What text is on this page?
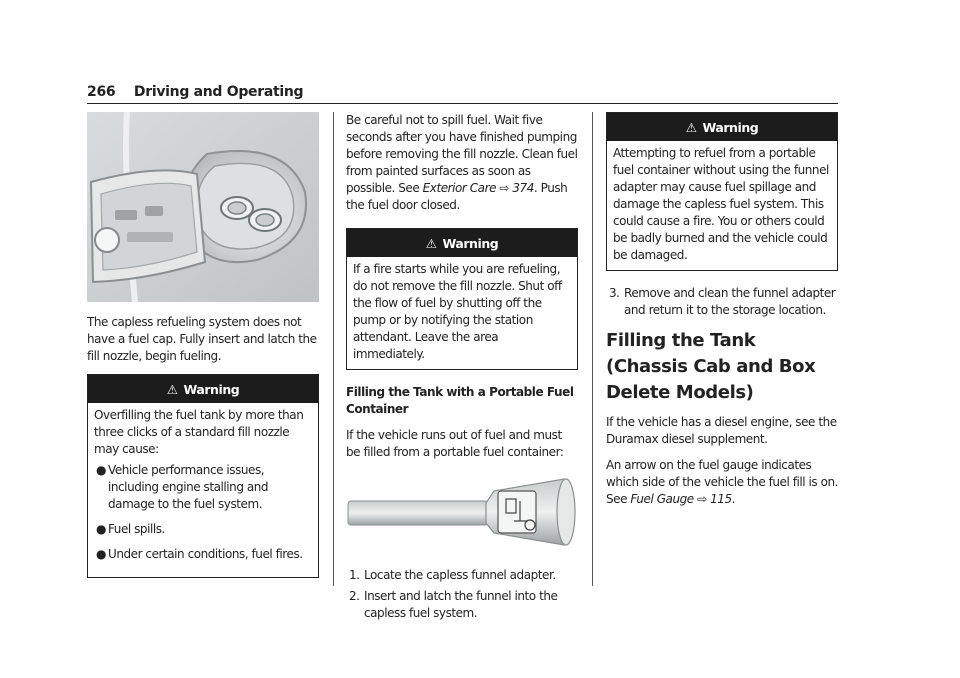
266 Driving and Operating

The capless refueling system does not have a fuel cap. Fully insert and latch the fill nozzle, begin fueling.

⚠ Warning
Overfilling the fuel tank by more than three clicks of a standard fill nozzle may cause:
● Vehicle performance issues, including engine stalling and damage to the fuel system.
● Fuel spills.
● Under certain conditions, fuel fires.

Be careful not to spill fuel. Wait five seconds after you have finished pumping before removing the fill nozzle. Clean fuel from painted surfaces as soon as possible. See Exterior Care ⇨ 374. Push the fuel door closed.

⚠ Warning
If a fire starts while you are refueling, do not remove the fill nozzle. Shut off the flow of fuel by shutting off the pump or by notifying the station attendant. Leave the area immediately.
Filling the Tank with a Portable Fuel Container

If the vehicle runs out of fuel and must be filled from a portable fuel container:

1. Locate the capless funnel adapter.
2. Insert and latch the funnel into the capless fuel system.
⚠ Warning
Attempting to refuel from a portable fuel container without using the funnel adapter may cause fuel spillage and damage the capless fuel system. This could cause a fire. You or others could be badly burned and the vehicle could be damaged.
3. Remove and clean the funnel adapter and return it to the storage location.
Filling the Tank (Chassis Cab and Box Delete Models)

If the vehicle has a diesel engine, see the Duramax diesel supplement.

An arrow on the fuel gauge indicates which side of the vehicle the fuel fill is on. See Fuel Gauge ⇨ 115.
